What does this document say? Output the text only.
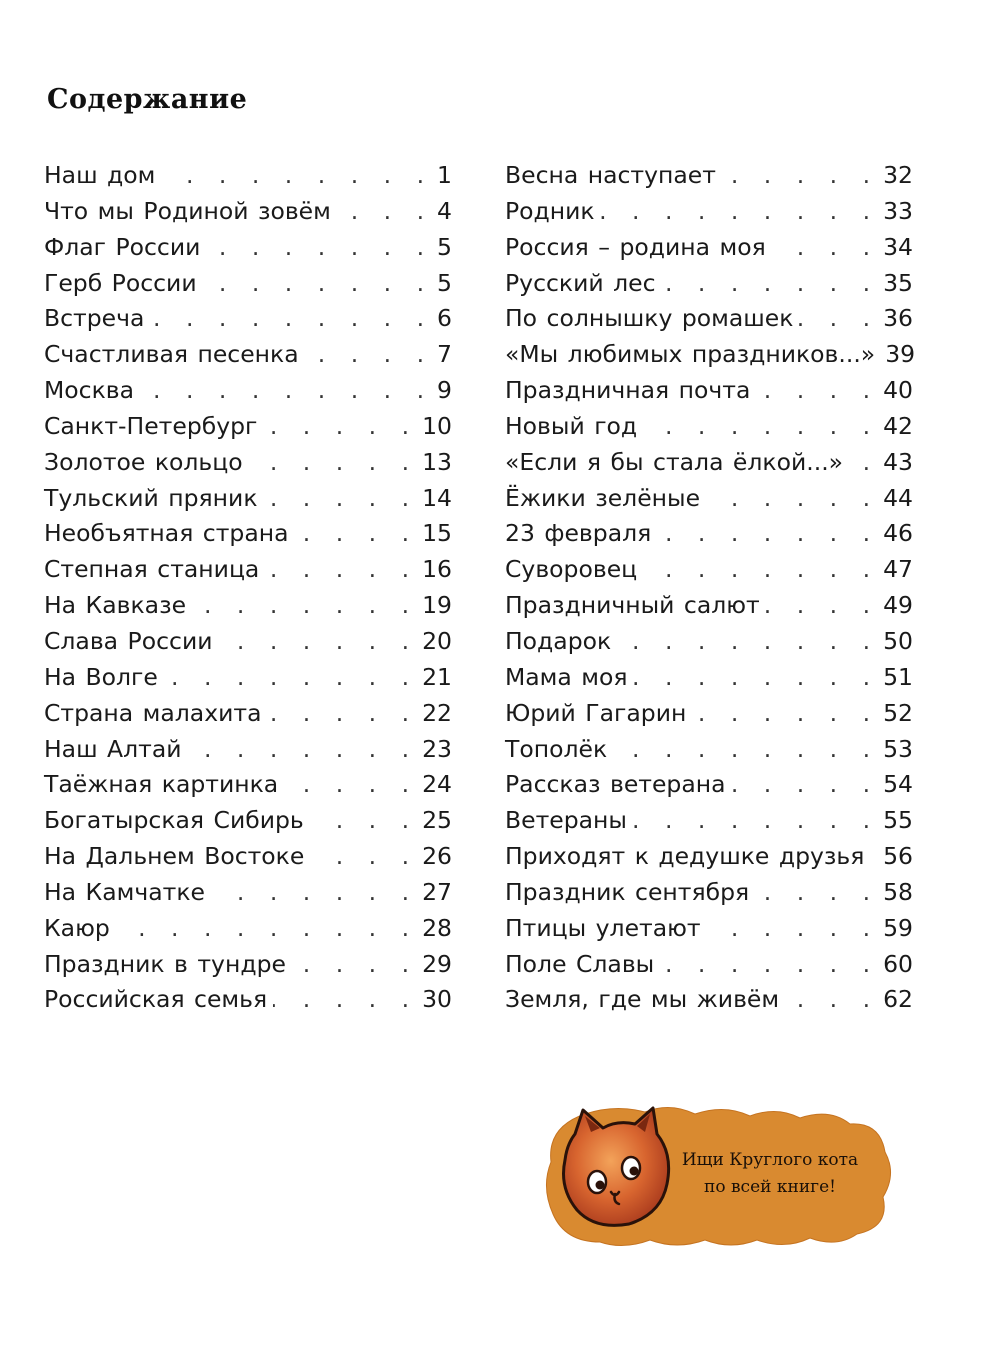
Содержание
Наш дом . . .	1
Что мы Родиной зовём . . .	4
Флаг России . . .	5
Герб России . . .	5
Встреча . . .	6
Счастливая песенка . . .	7
Москва . . .	9
Санкт-Петербург . . .	10
Золотое кольцо . . .	13
Тульский пряник . . .	14
Необъятная страна . . .	15
Степная станица . . .	16
На Кавказе . . .	19
Слава России . . .	20
На Волге . . .	21
Страна малахита . . .	22
Наш Алтай . . .	23
Таёжная картинка . . .	24
Богатырская Сибирь . . .	25
На Дальнем Востоке . . .	26
На Камчатке . . .	27
Каюр . . .	28
Праздник в тундре . . .	29
Российская семья . . .	30
Весна наступает . . .	32
Родник . . .	33
Россия – родина моя . . .	34
Русский лес . . .	35
По солнышку ромашек . . .	36
«Мы любимых праздников...» 39
Праздничная почта . . .	40
Новый год . . .	42
«Если я бы стала ёлкой...» . . . 43
Ёжики зелёные . . .	44
23 февраля . . .	46
Суворовец . . .	47
Праздничный салют . . .	49
Подарок . . .	50
Мама моя . . .	51
Юрий Гагарин . . .	52
Тополёк . . .	53
Рассказ ветерана . . .	54
Ветераны . . .	55
Приходят к дедушке друзья . . . 56
Праздник сентября . . .	58
Птицы улетают . . .	59
Поле Славы . . .	60
Земля, где мы живём . . .	62
Ищи Круглого кота
по всей книге!
